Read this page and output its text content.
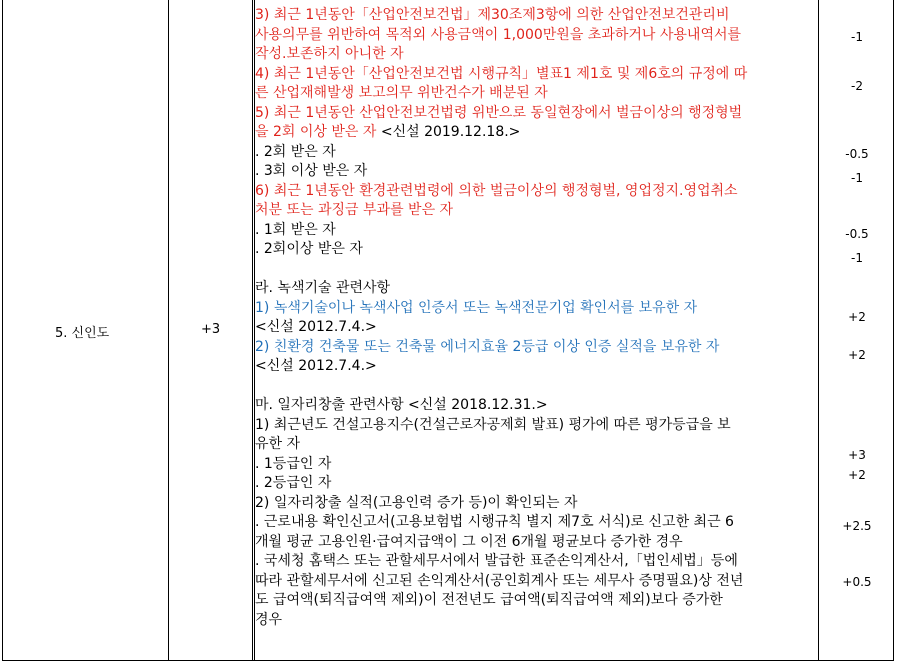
5. 신인도	+3
3) 최근 1년동안「산업안전보건법」제30조제3항에 의한 산업안전보건관리비
사용의무를 위반하여 목적외 사용금액이 1,000만원을 초과하거나 사용내역서를
작성.보존하지 아니한 자
4) 최근 1년동안「산업안전보건법 시행규칙」별표1 제1호 및 제6호의 규정에 따
른 산업재해발생 보고의무 위반건수가 배분된 자
5) 최근 1년동안 산업안전보건법령 위반으로 동일현장에서 벌금이상의 행정형벌
을 2회 이상 받은 자 <신설 2019.12.18.>
. 2회 받은 자
. 3회 이상 받은 자
6) 최근 1년동안 환경관련법령에 의한 벌금이상의 행정형벌, 영업정지.영업취소
처분 또는 과징금 부과를 받은 자
. 1회 받은 자
. 2회이상 받은 자
라. 녹색기술 관련사항
1) 녹색기술이나 녹색사업 인증서 또는 녹색전문기업 확인서를 보유한 자
<신설 2012.7.4.>
2) 친환경 건축물 또는 건축물 에너지효율 2등급 이상 인증 실적을 보유한 자
<신설 2012.7.4.>
마. 일자리창출 관련사항 <신설 2018.12.31.>
1) 최근년도 건설고용지수(건설근로자공제회 발표) 평가에 따른 평가등급을 보
유한 자
. 1등급인 자
. 2등급인 자
2) 일자리창출 실적(고용인력 증가 등)이 확인되는 자
. 근로내용 확인신고서(고용보험법 시행규칙 별지 제7호 서식)로 신고한 최근 6
개월 평균 고용인원·급여지급액이 그 이전 6개월 평균보다 증가한 경우
. 국세청 홈택스 또는 관할세무서에서 발급한 표준손익계산서,「법인세법」등에
따라 관할세무서에 신고된 손익계산서(공인회계사 또는 세무사 증명필요)상 전년
도 급여액(퇴직급여액 제외)이 전전년도 급여액(퇴직급여액 제외)보다 증가한
경우
-1
-2
-0.5
-1
-0.5
-1
+2
+2
+3
+2
+2.5
+0.5
